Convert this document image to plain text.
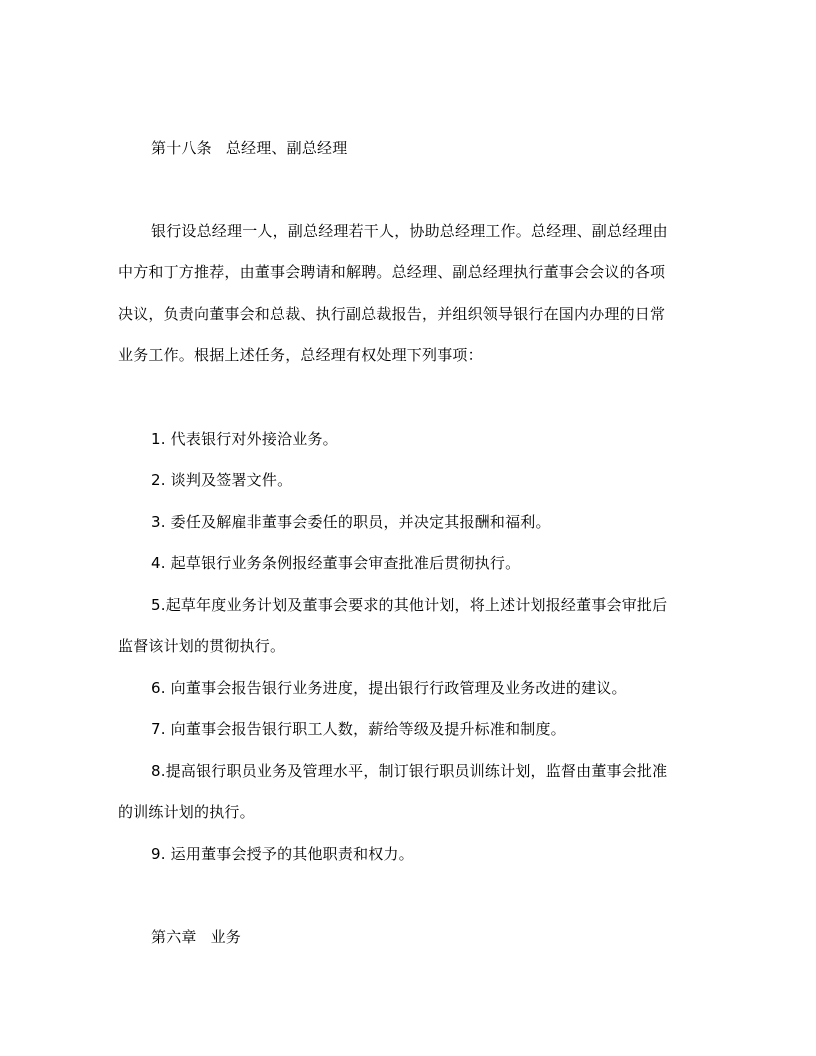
第十八条 总经理、副总经理
银行设总经理一人，副总经理若干人，协助总经理工作。总经理、副总经理由
中方和丁方推荐，由董事会聘请和解聘。总经理、副总经理执行董事会会议的各项
决议，负责向董事会和总裁、执行副总裁报告，并组织领导银行在国内办理的日常
业务工作。根据上述任务，总经理有权处理下列事项：
1. 代表银行对外接洽业务。
2. 谈判及签署文件。
3. 委任及解雇非董事会委任的职员，并决定其报酬和福利。
4. 起草银行业务条例报经董事会审查批准后贯彻执行。
5.起草年度业务计划及董事会要求的其他计划，将上述计划报经董事会审批后
监督该计划的贯彻执行。
6. 向董事会报告银行业务进度，提出银行行政管理及业务改进的建议。
7. 向董事会报告银行职工人数，薪给等级及提升标准和制度。
8.提高银行职员业务及管理水平，制订银行职员训练计划，监督由董事会批准
的训练计划的执行。
9. 运用董事会授予的其他职责和权力。
第六章 业务
